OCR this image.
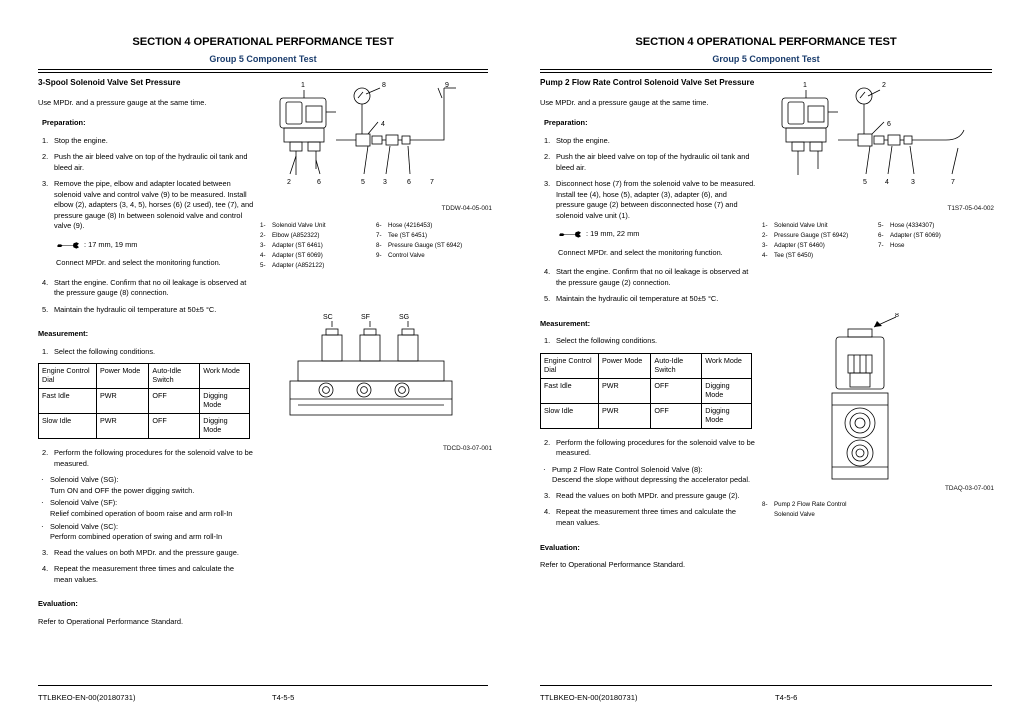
SECTION 4 OPERATIONAL PERFORMANCE TEST
Group 5 Component Test
3-Spool Solenoid Valve Set Pressure

Use MPDr. and a pressure gauge at the same time.

Preparation:
1. Stop the engine.
2. Push the air bleed valve on top of the hydraulic oil tank and bleed air.
3. Remove the pipe, elbow and adapter located between solenoid valve and control valve (9) to be measured. Install elbow (2), adapters (3, 4, 5), horses (6) (2 used), tee (7), and pressure gauge (8) In between solenoid valve and control valve (9).
: 17 mm, 19 mm
Connect MPDr. and select the monitoring function.
4. Start the engine. Confirm that no oil leakage is observed at the pressure gauge (8) connection.
5. Maintain the hydraulic oil temperature at 50±5 °C.
Measurement:
1. Select the following conditions.
Engine Control Dial	Power Mode	Auto-Idle Switch	Work Mode
Fast Idle	PWR	OFF	Digging Mode
Slow Idle	PWR	OFF	Digging Mode
2. Perform the following procedures for the solenoid valve to be measured.
· Solenoid Valve (SG):
Turn ON and OFF the power digging switch.
· Solenoid Valve (SF):
Relief combined operation of boom raise and arm roll-In
· Solenoid Valve (SC):
Perform combined operation of swing and arm roll-In
3. Read the values on both MPDr. and the pressure gauge.
4. Repeat the measurement three times and calculate the mean values.
Evaluation:

Refer to Operational Performance Standard.

1
2	6	5	3	6	7
8
4
9
TDDW-04-05-001
1-	Solenoid Valve Unit
2-	Elbow (A852322)
3-	Adapter (ST 6461)
4-	Adapter (ST 6069)
5-	Adapter (A852122)
6-	Hose (4216453)
7-	Tee (ST 6451)
8-	Pressure Gauge (ST 6942)
9-	Control Valve
SC	SF	SG
TDCD-03-07-001
TTLBKEO-EN-00(20180731)	T4-5-5
SECTION 4 OPERATIONAL PERFORMANCE TEST
Group 5 Component Test
Pump 2 Flow Rate Control Solenoid Valve Set Pressure

Use MPDr. and a pressure gauge at the same time.

Preparation:
1. Stop the engine.
2. Push the air bleed valve on top of the hydraulic oil tank and bleed air.
3. Disconnect hose (7) from the solenoid valve to be measured. Install tee (4), hose (5), adapter (3), adapter (6), and pressure gauge (2) between disconnected hose (7) and solenoid valve unit (1).
: 19 mm, 22 mm
Connect MPDr. and select the monitoring function.
4. Start the engine. Confirm that no oil leakage is observed at the pressure gauge (2) connection.
5. Maintain the hydraulic oil temperature at 50±5 °C.
Measurement:
1. Select the following conditions.
Engine Control Dial	Power Mode	Auto-Idle Switch	Work Mode
Fast Idle	PWR	OFF	Digging Mode
Slow Idle	PWR	OFF	Digging Mode
2. Perform the following procedures for the solenoid valve to be measured.
· Pump 2 Flow Rate Control Solenoid Valve (8):
Descend the slope without depressing the accelerator pedal.
3. Read the values on both MPDr. and pressure gauge (2).
4. Repeat the measurement three times and calculate the mean values.
Evaluation:

Refer to Operational Performance Standard.

1	2
6
5	4	3	7
T1S7-05-04-002
1-	Solenoid Valve Unit
2-	Pressure Gauge (ST 6942)
3-	Adapter (ST 6460)
4-	Tee (ST 6450)
5-	Hose (4334307)
6-	Adapter (ST 6069)
7-	Hose
8
TDAQ-03-07-001
8-	Pump 2 Flow Rate Control Solenoid Valve
TTLBKEO-EN-00(20180731)	T4-5-6
